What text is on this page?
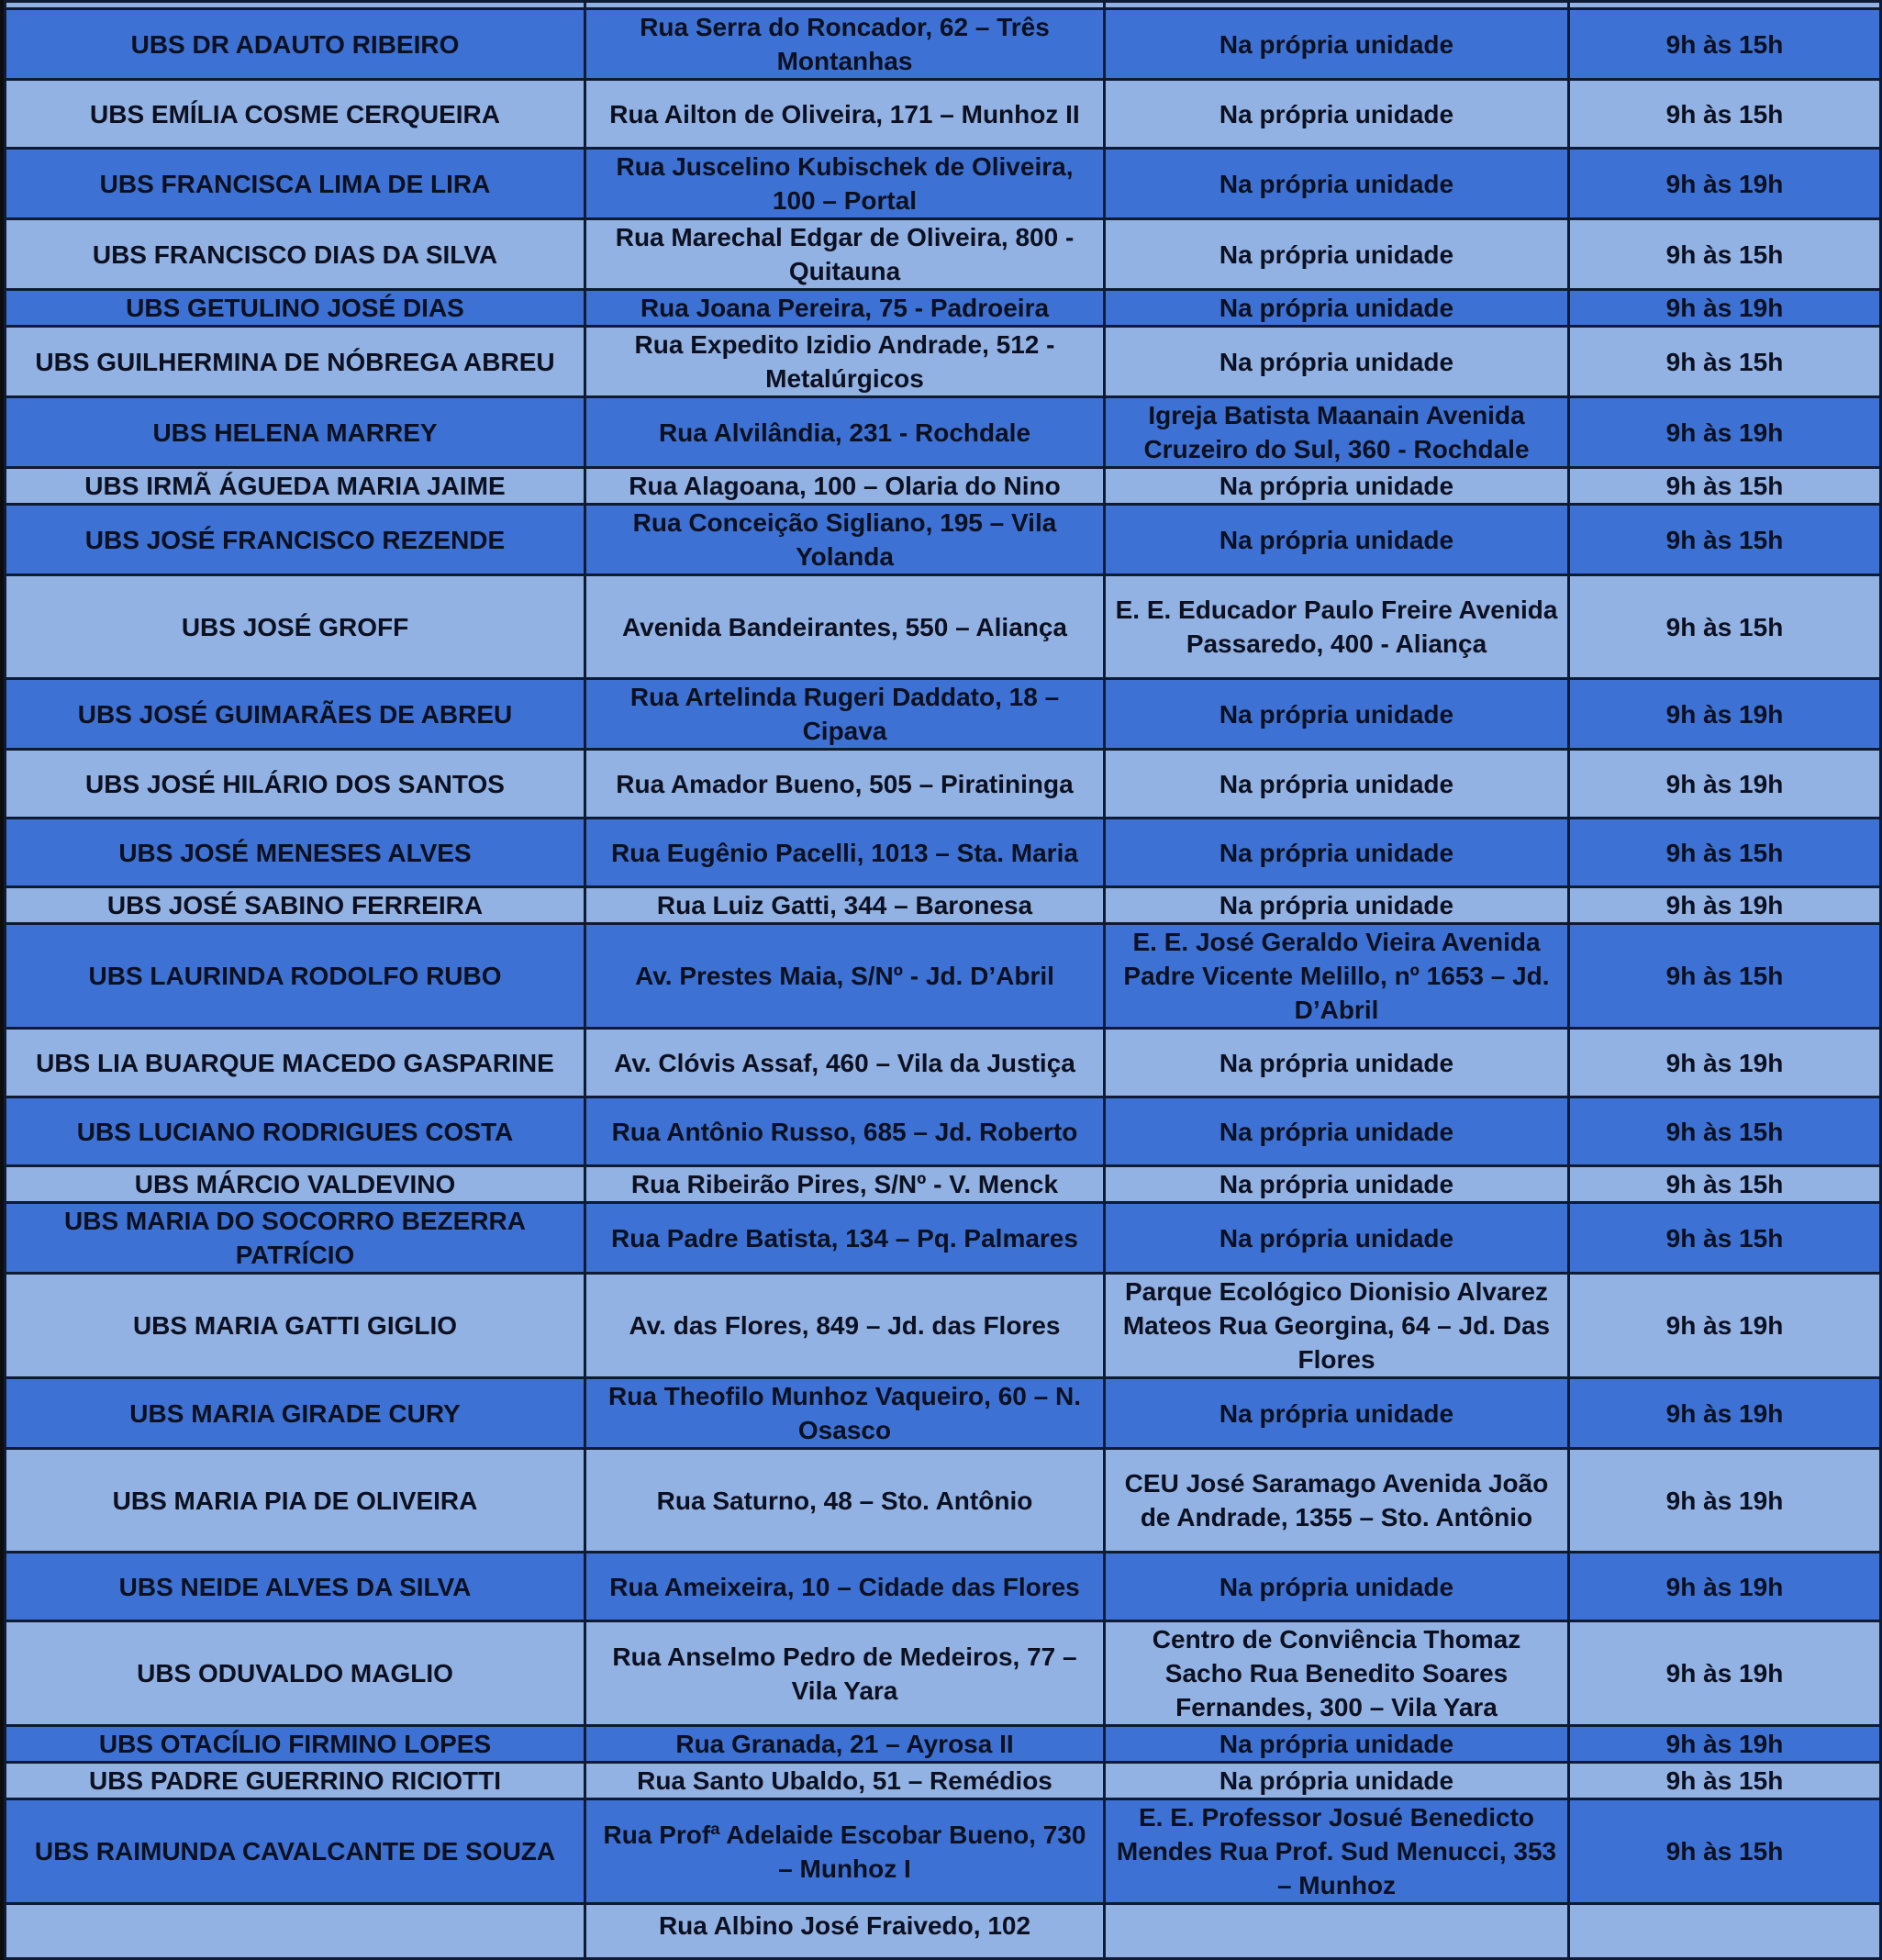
UBS DR ADAUTO RIBEIRO	Rua Serra do Roncador, 62 – Três Montanhas	Na própria unidade	9h às 15h
UBS EMÍLIA COSME CERQUEIRA	Rua Ailton de Oliveira, 171 – Munhoz II	Na própria unidade	9h às 15h
UBS FRANCISCA LIMA DE LIRA	Rua Juscelino Kubischek de Oliveira, 100 – Portal	Na própria unidade	9h às 19h
UBS FRANCISCO DIAS DA SILVA	Rua Marechal Edgar de Oliveira, 800 - Quitauna	Na própria unidade	9h às 15h
UBS GETULINO JOSÉ DIAS	Rua Joana Pereira, 75 - Padroeira	Na própria unidade	9h às 19h
UBS GUILHERMINA DE NÓBREGA ABREU	Rua Expedito Izidio Andrade, 512 - Metalúrgicos	Na própria unidade	9h às 15h
UBS HELENA MARREY	Rua Alvilândia, 231 - Rochdale	Igreja Batista Maanain Avenida Cruzeiro do Sul, 360 - Rochdale	9h às 19h
UBS IRMÃ ÁGUEDA MARIA JAIME	Rua Alagoana, 100 – Olaria do Nino	Na própria unidade	9h às 15h
UBS JOSÉ FRANCISCO REZENDE	Rua Conceição Sigliano, 195 – Vila Yolanda	Na própria unidade	9h às 15h
UBS JOSÉ GROFF	Avenida Bandeirantes, 550 – Aliança	E. E. Educador Paulo Freire Avenida Passaredo, 400 - Aliança	9h às 15h
UBS JOSÉ GUIMARÃES DE ABREU	Rua Artelinda Rugeri Daddato, 18 – Cipava	Na própria unidade	9h às 19h
UBS JOSÉ HILÁRIO DOS SANTOS	Rua Amador Bueno, 505 – Piratininga	Na própria unidade	9h às 19h
UBS JOSÉ MENESES ALVES	Rua Eugênio Pacelli, 1013 – Sta. Maria	Na própria unidade	9h às 15h
UBS JOSÉ SABINO FERREIRA	Rua Luiz Gatti, 344 – Baronesa	Na própria unidade	9h às 19h
UBS LAURINDA RODOLFO RUBO	Av. Prestes Maia, S/Nº - Jd. D’Abril	E. E. José Geraldo Vieira Avenida Padre Vicente Melillo, nº 1653 – Jd. D’Abril	9h às 15h
UBS LIA BUARQUE MACEDO GASPARINE	Av. Clóvis Assaf, 460 – Vila da Justiça	Na própria unidade	9h às 19h
UBS LUCIANO RODRIGUES COSTA	Rua Antônio Russo, 685 – Jd. Roberto	Na própria unidade	9h às 15h
UBS MÁRCIO VALDEVINO	Rua Ribeirão Pires, S/Nº - V. Menck	Na própria unidade	9h às 15h
UBS MARIA DO SOCORRO BEZERRA PATRÍCIO	Rua Padre Batista, 134 – Pq. Palmares	Na própria unidade	9h às 15h
UBS MARIA GATTI GIGLIO	Av. das Flores, 849 – Jd. das Flores	Parque Ecológico Dionisio Alvarez Mateos Rua Georgina, 64 – Jd. Das Flores	9h às 19h
UBS MARIA GIRADE CURY	Rua Theofilo Munhoz Vaqueiro, 60 – N. Osasco	Na própria unidade	9h às 19h
UBS MARIA PIA DE OLIVEIRA	Rua Saturno, 48 – Sto. Antônio	CEU José Saramago Avenida João de Andrade, 1355 – Sto. Antônio	9h às 19h
UBS NEIDE ALVES DA SILVA	Rua Ameixeira, 10 – Cidade das Flores	Na própria unidade	9h às 19h
UBS ODUVALDO MAGLIO	Rua Anselmo Pedro de Medeiros, 77 – Vila Yara	Centro de Conviência Thomaz Sacho Rua Benedito Soares Fernandes, 300 – Vila Yara	9h às 19h
UBS OTACÍLIO FIRMINO LOPES	Rua Granada, 21 – Ayrosa II	Na própria unidade	9h às 19h
UBS PADRE GUERRINO RICIOTTI	Rua Santo Ubaldo, 51 – Remédios	Na própria unidade	9h às 15h
UBS RAIMUNDA CAVALCANTE DE SOUZA	Rua Profª Adelaide Escobar Bueno, 730 – Munhoz I	E. E. Professor Josué Benedicto Mendes Rua Prof. Sud Menucci, 353 – Munhoz	9h às 15h
	Rua Albino José Fraivedo, 102		
